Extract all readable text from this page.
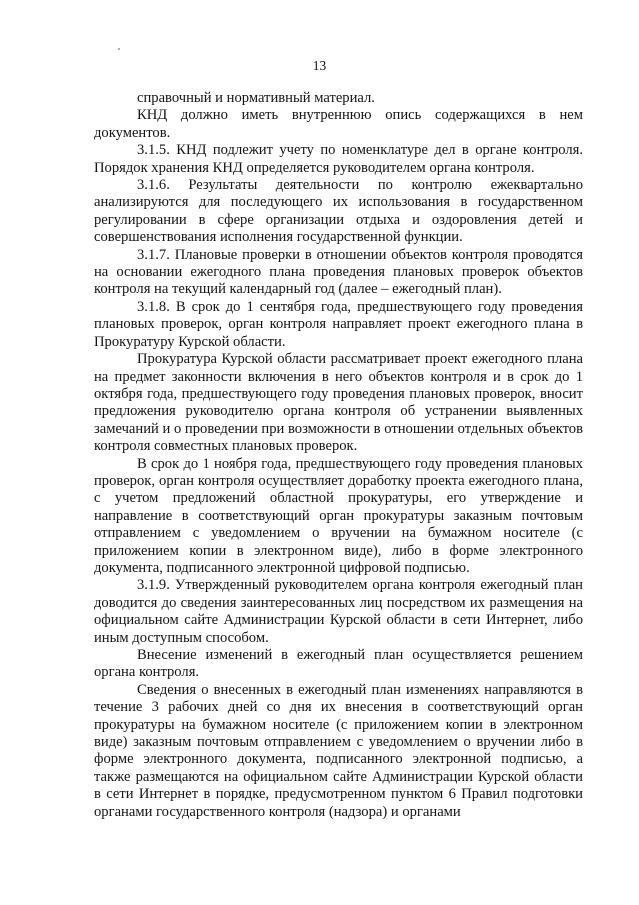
13

справочный и нормативный материал.

КНД должно иметь внутреннюю опись содержащихся в нем документов.

3.1.5. КНД подлежит учету по номенклатуре дел в органе контроля. Порядок хранения КНД определяется руководителем органа контроля.

3.1.6. Результаты деятельности по контролю ежеквартально анализируются для последующего их использования в государственном регулировании в сфере организации отдыха и оздоровления детей и совершенствования исполнения государственной функции.

3.1.7. Плановые проверки в отношении объектов контроля проводятся на основании ежегодного плана проведения плановых проверок объектов контроля на текущий календарный год (далее – ежегодный план).

3.1.8. В срок до 1 сентября года, предшествующего году проведения плановых проверок, орган контроля направляет проект ежегодного плана в Прокуратуру Курской области.

Прокуратура Курской области рассматривает проект ежегодного плана на предмет законности включения в него объектов контроля и в срок до 1 октября года, предшествующего году проведения плановых проверок, вносит предложения руководителю органа контроля об устранении выявленных замечаний и о проведении при возможности в отношении отдельных объектов контроля совместных плановых проверок.

В срок до 1 ноября года, предшествующего году проведения плановых проверок, орган контроля осуществляет доработку проекта ежегодного плана, с учетом предложений областной прокуратуры, его утверждение и направление в соответствующий орган прокуратуры заказным почтовым отправлением с уведомлением о вручении на бумажном носителе (с приложением копии в электронном виде), либо в форме электронного документа, подписанного электронной цифровой подписью.

3.1.9. Утвержденный руководителем органа контроля ежегодный план доводится до сведения заинтересованных лиц посредством их размещения на официальном сайте Администрации Курской области в сети Интернет, либо иным доступным способом.

Внесение изменений в ежегодный план осуществляется решением органа контроля.

Сведения о внесенных в ежегодный план изменениях направляются в течение 3 рабочих дней со дня их внесения в соответствующий орган прокуратуры на бумажном носителе (с приложением копии в электронном виде) заказным почтовым отправлением с уведомлением о вручении либо в форме электронного документа, подписанного электронной подписью, а также размещаются на официальном сайте Администрации Курской области в сети Интернет в порядке, предусмотренном пунктом 6 Правил подготовки органами государственного контроля (надзора) и органами
